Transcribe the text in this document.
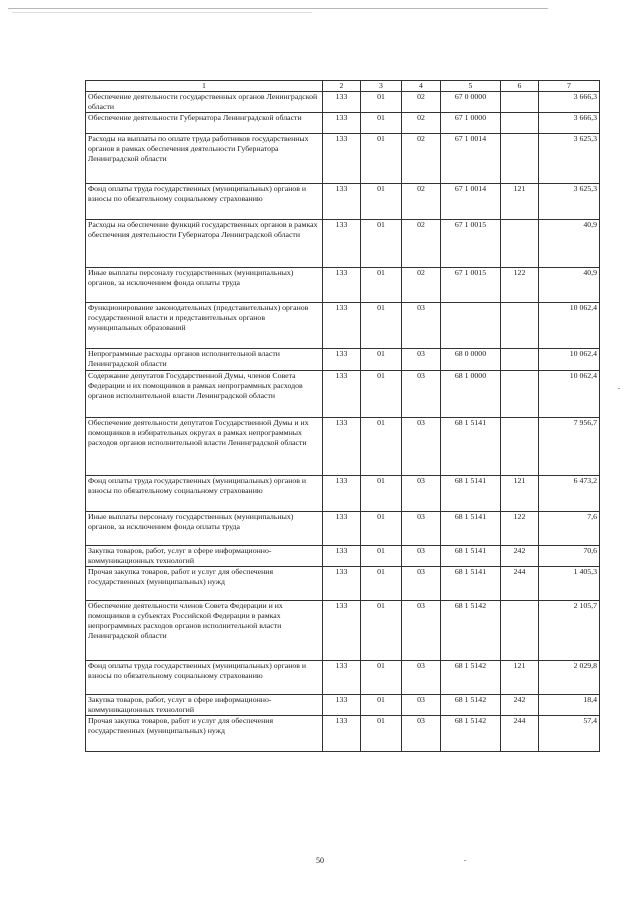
1	2	3	4	5	6	7
Обеспечение деятельности государственных органов Ленинградской области	133	01	02	67 0 0000		3 666,3
Обеспечение деятельности Губернатора Ленинградской области	133	01	02	67 1 0000		3 666,3
Расходы на выплаты по оплате труда работников государственных органов в рамках обеспечения деятельности Губернатора Ленинградской области	133	01	02	67 1 0014		3 625,3
Фонд оплаты труда государственных (муниципальных) органов и взносы по обязательному социальному страхованию	133	01	02	67 1 0014	121	3 625,3
Расходы на обеспечение функций государственных органов в рамках обеспечения деятельности Губернатора Ленинградской области	133	01	02	67 1 0015		40,9
Иные выплаты персоналу государственных (муниципальных) органов, за исключением фонда оплаты труда	133	01	02	67 1 0015	122	40,9
Функционирование законодательных (представительных) органов государственной власти и представительных органов муниципальных образований	133	01	03			10 062,4
Непрограммные расходы органов исполнительной власти Ленинградской области	133	01	03	68 0 0000		10 062,4
Содержание депутатов Государственной Думы, членов Совета Федерации и их помощников в рамках непрограммных расходов органов исполнительной власти Ленинградской области	133	01	03	68 1 0000		10 062,4
Обеспечение деятельности депутатов Государственной Думы и их помощников в избирательных округах в рамках непрограммных расходов органов исполнительной власти Ленинградской области	133	01	03	68 1 5141		7 956,7
Фонд оплаты труда государственных (муниципальных) органов и взносы по обязательному социальному страхованию	133	01	03	68 1 5141	121	6 473,2
Иные выплаты персоналу государственных (муниципальных) органов, за исключением фонда оплаты труда	133	01	03	68 1 5141	122	7,6
Закупка товаров, работ, услуг в сфере информационно-коммуникационных технологий	133	01	03	68 1 5141	242	70,6
Прочая закупка товаров, работ и услуг для обеспечения государственных (муниципальных) нужд	133	01	03	68 1 5141	244	1 405,3
Обеспечение деятельности членов Совета Федерации и их помощников в субъектах Российской Федерации в рамках непрограммных расходов органов исполнительной власти Ленинградской области	133	01	03	68 1 5142		2 105,7
Фонд оплаты труда государственных (муниципальных) органов и взносы по обязательному социальному страхованию	133	01	03	68 1 5142	121	2 029,8
Закупка товаров, работ, услуг в сфере информационно-коммуникационных технологий	133	01	03	68 1 5142	242	18,4
Прочая закупка товаров, работ и услуг для обеспечения государственных (муниципальных) нужд	133	01	03	68 1 5142	244	57,4
50
